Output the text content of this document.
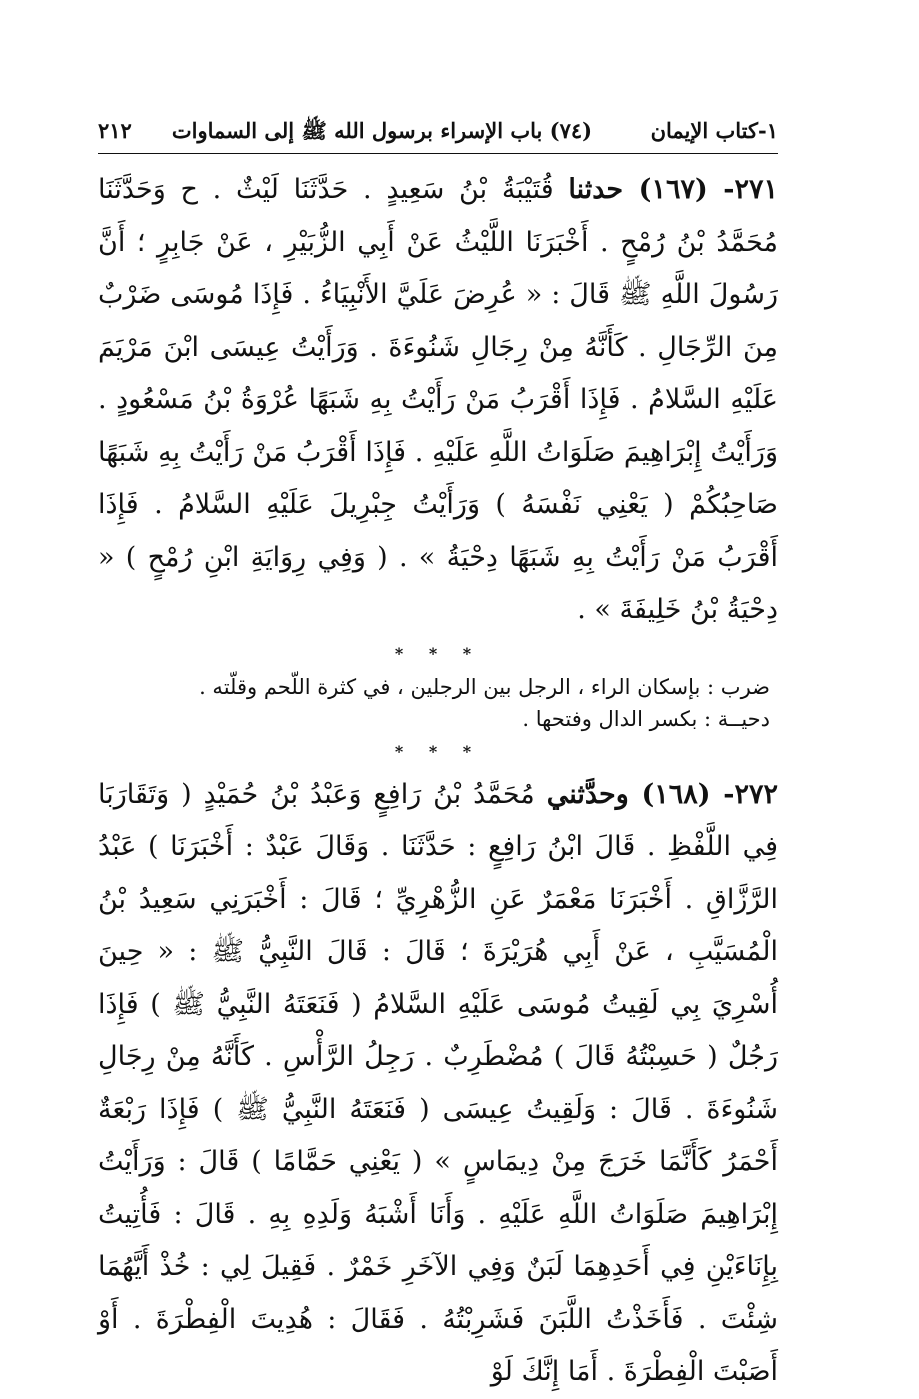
١-كتاب الإيمان
(٧٤) باب الإسراء برسول الله ﷺ إلى السماوات
٢١٢

٢٧١- (١٦٧) حدثنا قُتَيْبَةُ بْنُ سَعِيدٍ . حَدَّثَنَا لَيْثٌ . ح وَحَدَّثَنَا مُحَمَّدُ بْنُ رُمْحٍ . أَخْبَرَنَا اللَّيْثُ عَنْ أَبِي الزُّبَيْرِ ، عَنْ جَابِرٍ ؛ أَنَّ رَسُولَ اللَّهِ ﷺ قَالَ : « عُرِضَ عَلَيَّ الأَنْبِيَاءُ . فَإِذَا مُوسَى ضَرْبٌ مِنَ الرِّجَالِ . كَأَنَّهُ مِنْ رِجَالِ شَنُوءَةَ . وَرَأَيْتُ عِيسَى ابْنَ مَرْيَمَ عَلَيْهِ السَّلامُ . فَإِذَا أَقْرَبُ مَنْ رَأَيْتُ بِهِ شَبَهًا عُرْوَةُ بْنُ مَسْعُودٍ . وَرَأَيْتُ إِبْرَاهِيمَ صَلَوَاتُ اللَّهِ عَلَيْهِ . فَإِذَا أَقْرَبُ مَنْ رَأَيْتُ بِهِ شَبَهًا صَاحِبُكُمْ ( يَعْنِي نَفْسَهُ ) وَرَأَيْتُ جِبْرِيلَ عَلَيْهِ السَّلامُ . فَإِذَا أَقْرَبُ مَنْ رَأَيْتُ بِهِ شَبَهًا دِحْيَةُ » . ( وَفِي رِوَايَةِ ابْنِ رُمْحٍ ) « دِحْيَةُ بْنُ خَلِيفَةَ » .

* * *
ضرب : بإسكان الراء ، الرجل بين الرجلين ، في كثرة اللّحم وقلّته .
دحيــة : بكسر الدال وفتحها .
* * *

٢٧٢- (١٦٨) وحدَّثني مُحَمَّدُ بْنُ رَافِعٍ وَعَبْدُ بْنُ حُمَيْدٍ ( وَتَقَارَبَا فِي اللَّفْظِ . قَالَ ابْنُ رَافِعٍ : حَدَّثَنَا . وَقَالَ عَبْدٌ : أَخْبَرَنَا ) عَبْدُ الرَّزَّاقِ . أَخْبَرَنَا مَعْمَرٌ عَنِ الزُّهْرِيِّ ؛ قَالَ : أَخْبَرَنِي سَعِيدُ بْنُ الْمُسَيَّبِ ، عَنْ أَبِي هُرَيْرَةَ ؛ قَالَ : قَالَ النَّبِيُّ ﷺ : « حِينَ أُسْرِيَ بِي لَقِيتُ مُوسَى عَلَيْهِ السَّلامُ ( فَنَعَتَهُ النَّبِيُّ ﷺ ) فَإِذَا رَجُلٌ ( حَسِبْتُهُ قَالَ ) مُضْطَرِبٌ . رَجِلُ الرَّأْسِ . كَأَنَّهُ مِنْ رِجَالِ شَنُوءَةَ . قَالَ : وَلَقِيتُ عِيسَى ( فَنَعَتَهُ النَّبِيُّ ﷺ ) فَإِذَا رَبْعَةٌ أَحْمَرُ كَأَنَّمَا خَرَجَ مِنْ دِيمَاسٍ » ( يَعْنِي حَمَّامًا ) قَالَ : وَرَأَيْتُ إِبْرَاهِيمَ صَلَوَاتُ اللَّهِ عَلَيْهِ . وَأَنَا أَشْبَهُ وَلَدِهِ بِهِ . قَالَ : فَأُتِيتُ بِإِنَاءَيْنِ فِي أَحَدِهِمَا لَبَنٌ وَفِي الآخَرِ خَمْرٌ . فَقِيلَ لِي : خُذْ أَيَّهُمَا شِئْتَ . فَأَخَذْتُ اللَّبَنَ فَشَرِبْتُهُ . فَقَالَ : هُدِيتَ الْفِطْرَةَ . أَوْ أَصَبْتَ الْفِطْرَةَ . أَمَا إِنَّكَ لَوْ
